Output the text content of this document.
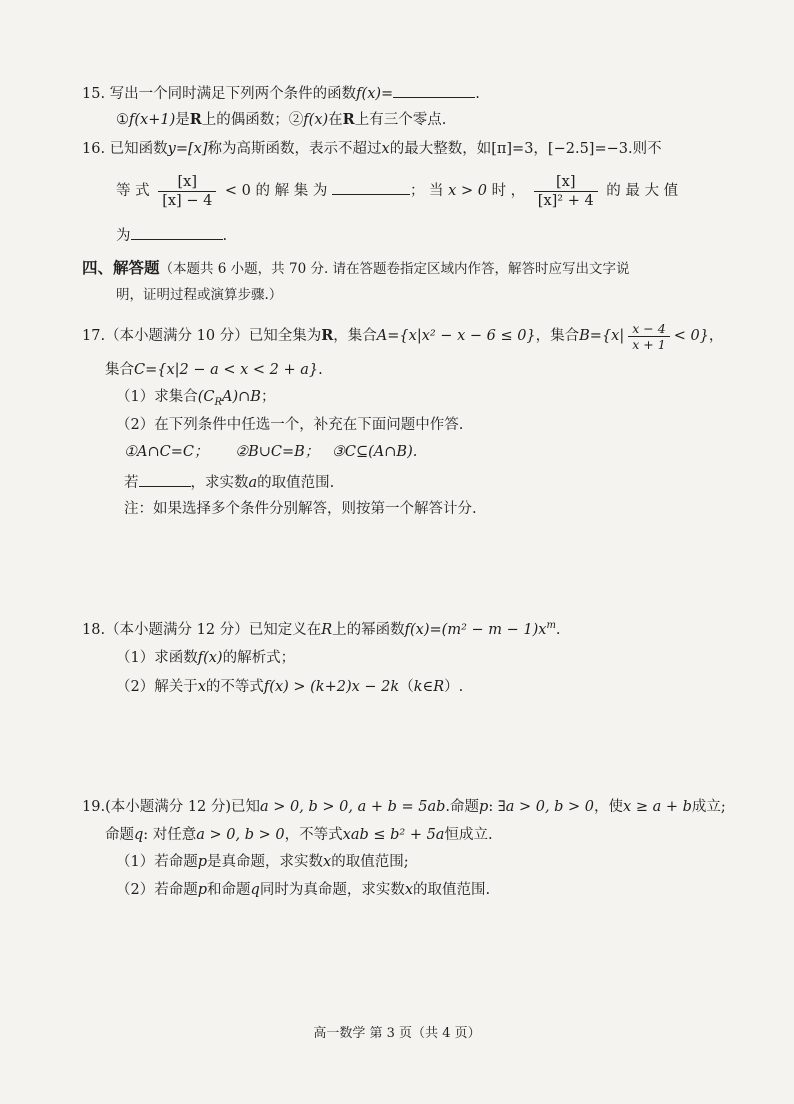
15. 写出一个同时满足下列两个条件的函数f(x)=	.
①f(x+1)是R上的偶函数；②f(x)在R上有三个零点.
16. 已知函数y=[x]称为高斯函数，表示不超过x的最大整数，如[π]=3，[−2.5]=−3.则不
等 式 $\frac{[x]}{[x] - 4} < 0$ 的 解 集 为	； 当 x > 0 时 ， $\frac{[x]}{\text{[x]² + 4}}$ 的 最 大 值
为	.
四、解答题（本题共 6 小题，共 70 分. 请在答题卷指定区域内作答，解答时应写出文字说
明，证明过程或演算步骤.）
17.（本小题满分 10 分）已知全集为R，集合A={x|x² − x − 6 ≤ 0}，集合$B=\{x| \frac{x - 4}{x + 1} < 0\}$，
集合C={x|2 − a < x < 2 + a}.
（1）求集合$(C_RA)\cap B$；
（2）在下列条件中任选一个，补充在下面问题中作答.
①A∩C=C； ②B∪C=B； ③C⊆(A∩B).
若	，求实数a的取值范围.
注：如果选择多个条件分别解答，则按第一个解答计分.
18.（本小题满分 12 分）已知定义在R上的幂函数$f(x)=(m^2 - m - 1)x^m$.
（1）求函数f(x)的解析式；
（2）解关于x的不等式f(x) > (k+2)x − 2k（k∈R）.
19.(本小题满分 12 分)已知a > 0, b > 0, a + b = 5ab.命题p: ∃a > 0, b > 0，使x ≥ a + b成立;
命题q: 对任意a > 0, b > 0，不等式xab ≤ b² + 5a恒成立.
（1）若命题p是真命题，求实数x的取值范围;
（2）若命题p和命题q同时为真命题，求实数x的取值范围.
高一数学 第 3 页（共 4 页）
